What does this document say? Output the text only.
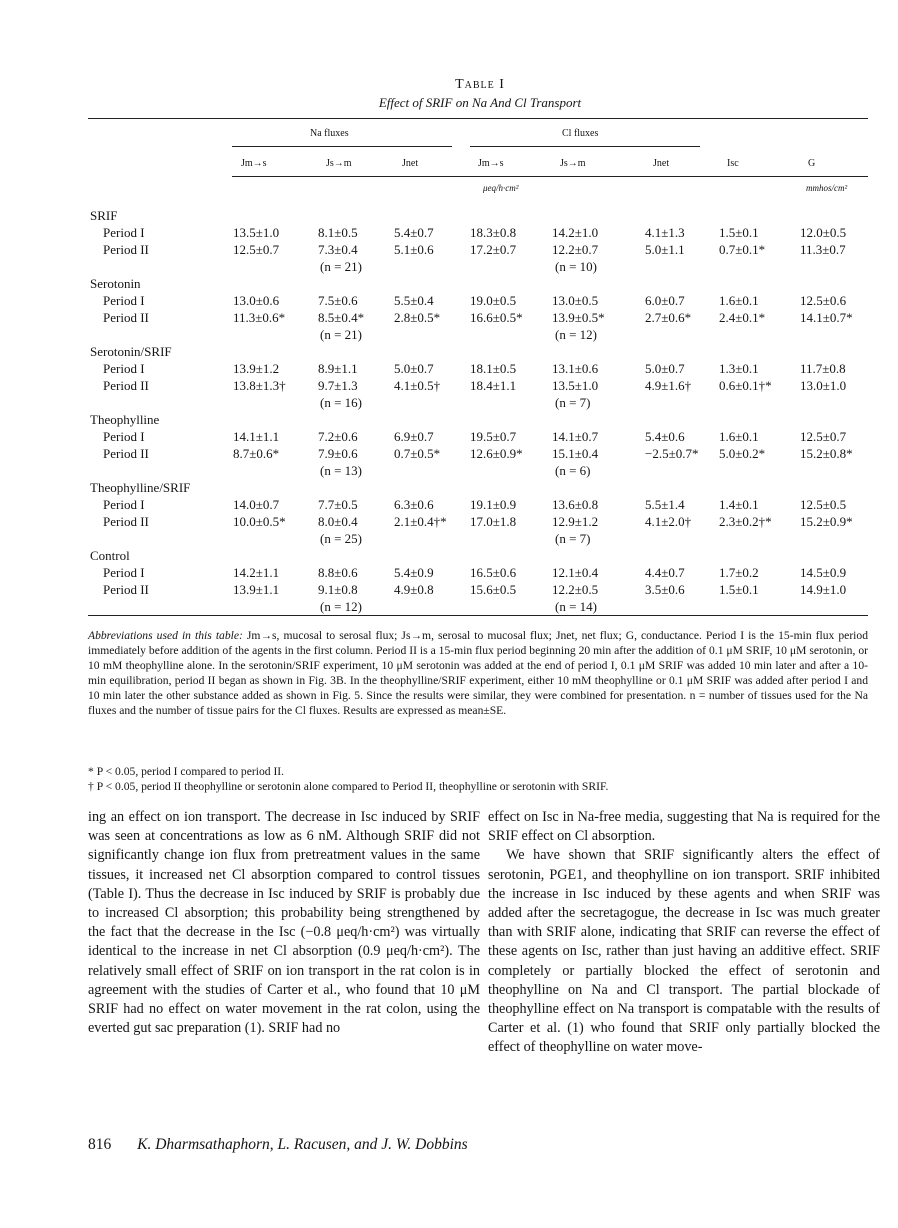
Table I
Effect of SRIF on Na And Cl Transport
Na fluxes	Cl fluxes
Jm→s	Js→m	Jnet	Jm→s	Js→m	Jnet	Isc	G
μeq/h·cm²	mmhos/cm²
SRIF
Period I	13.5±1.0	8.1±0.5	5.4±0.7	18.3±0.8	14.2±1.0	4.1±1.3	1.5±0.1	12.0±0.5
Period II	12.5±0.7	7.3±0.4	5.1±0.6	17.2±0.7	12.2±0.7	5.0±1.1	0.7±0.1*	11.3±0.7
(n = 21)	(n = 10)
Serotonin
Period I	13.0±0.6	7.5±0.6	5.5±0.4	19.0±0.5	13.0±0.5	6.0±0.7	1.6±0.1	12.5±0.6
Period II	11.3±0.6*	8.5±0.4* 2.8±0.5* 16.6±0.5* 13.9±0.5*	2.7±0.6* 2.4±0.1*	14.1±0.7*
(n = 21)	(n = 12)
Serotonin/SRIF
Period I	13.9±1.2	8.9±1.1	5.0±0.7	18.1±0.5	13.1±0.6	5.0±0.7	1.3±0.1	11.7±0.8
Period II	13.8±1.3† 9.7±1.3	4.1±0.5† 18.4±1.1	13.5±1.0	4.9±1.6† 0.6±0.1†* 13.0±1.0
(n = 16)	(n = 7)
Theophylline
Period I	14.1±1.1	7.2±0.6	6.9±0.7	19.5±0.7	14.1±0.7	5.4±0.6	1.6±0.1	12.5±0.7
Period II	8.7±0.6*	7.9±0.6	0.7±0.5* 12.6±0.9* 15.1±0.4	−2.5±0.7* 5.0±0.2*	15.2±0.8*
(n = 13)	(n = 6)
Theophylline/SRIF
Period I	14.0±0.7	7.7±0.5	6.3±0.6	19.1±0.9	13.6±0.8	5.5±1.4	1.4±0.1	12.5±0.5
Period II	10.0±0.5* 8.0±0.4	2.1±0.4†* 17.0±1.8	12.9±1.2	4.1±2.0† 2.3±0.2†* 15.2±0.9*
(n = 25)	(n = 7)
Control
Period I	14.2±1.1	8.8±0.6	5.4±0.9	16.5±0.6	12.1±0.4	4.4±0.7	1.7±0.2	14.5±0.9
Period II	13.9±1.1	9.1±0.8	4.9±0.8	15.6±0.5	12.2±0.5	3.5±0.6	1.5±0.1	14.9±1.0
(n = 12)	(n = 14)
Abbreviations used in this table: Jm→s, mucosal to serosal flux; Js→m, serosal to mucosal flux; Jnet, net flux; G, conductance. Period I is the 15-min flux period immediately before addition of the agents in the first column. Period II is a 15-min flux period beginning 20 min after the addition of 0.1 μM SRIF, 10 μM serotonin, or 10 mM theophylline alone. In the serotonin/SRIF experiment, 10 μM serotonin was added at the end of period I, 0.1 μM SRIF was added 10 min later and after a 10-min equilibration, period II began as shown in Fig. 3B. In the theophylline/SRIF experiment, either 10 mM theophylline or 0.1 μM SRIF was added after period I and 10 min later the other substance added as shown in Fig. 5. Since the results were similar, they were combined for presentation. n = number of tissues used for the Na fluxes and the number of tissue pairs for the Cl fluxes. Results are expressed as mean±SE.
* P < 0.05, period I compared to period II.
† P < 0.05, period II theophylline or serotonin alone compared to Period II, theophylline or serotonin with SRIF.

ing an effect on ion transport. The decrease in Isc induced by SRIF was seen at concentrations as low as 6 nM. Although SRIF did not significantly change ion flux from pretreatment values in the same tissues, it increased net Cl absorption compared to control tissues (Table I). Thus the decrease in Isc induced by SRIF is probably due to increased Cl absorption; this probability being strengthened by the fact that the decrease in the Isc (−0.8 μeq/h·cm²) was virtually identical to the increase in net Cl absorption (0.9 μeq/h·cm²). The relatively small effect of SRIF on ion transport in the rat colon is in agreement with the studies of Carter et al., who found that 10 μM SRIF had no effect on water movement in the rat colon, using the everted gut sac preparation (1). SRIF had no

effect on Isc in Na-free media, suggesting that Na is required for the SRIF effect on Cl absorption.

We have shown that SRIF significantly alters the effect of serotonin, PGE1, and theophylline on ion transport. SRIF inhibited the increase in Isc induced by these agents and when SRIF was added after the secretagogue, the decrease in Isc was much greater than with SRIF alone, indicating that SRIF can reverse the effect of these agents on Isc, rather than just having an additive effect. SRIF completely or partially blocked the effect of serotonin and theophylline on Na and Cl transport. The partial blockade of theophylline effect on Na transport is compatable with the results of Carter et al. (1) who found that SRIF only partially blocked the effect of theophylline on water move-

816 K. Dharmsathaphorn, L. Racusen, and J. W. Dobbins
